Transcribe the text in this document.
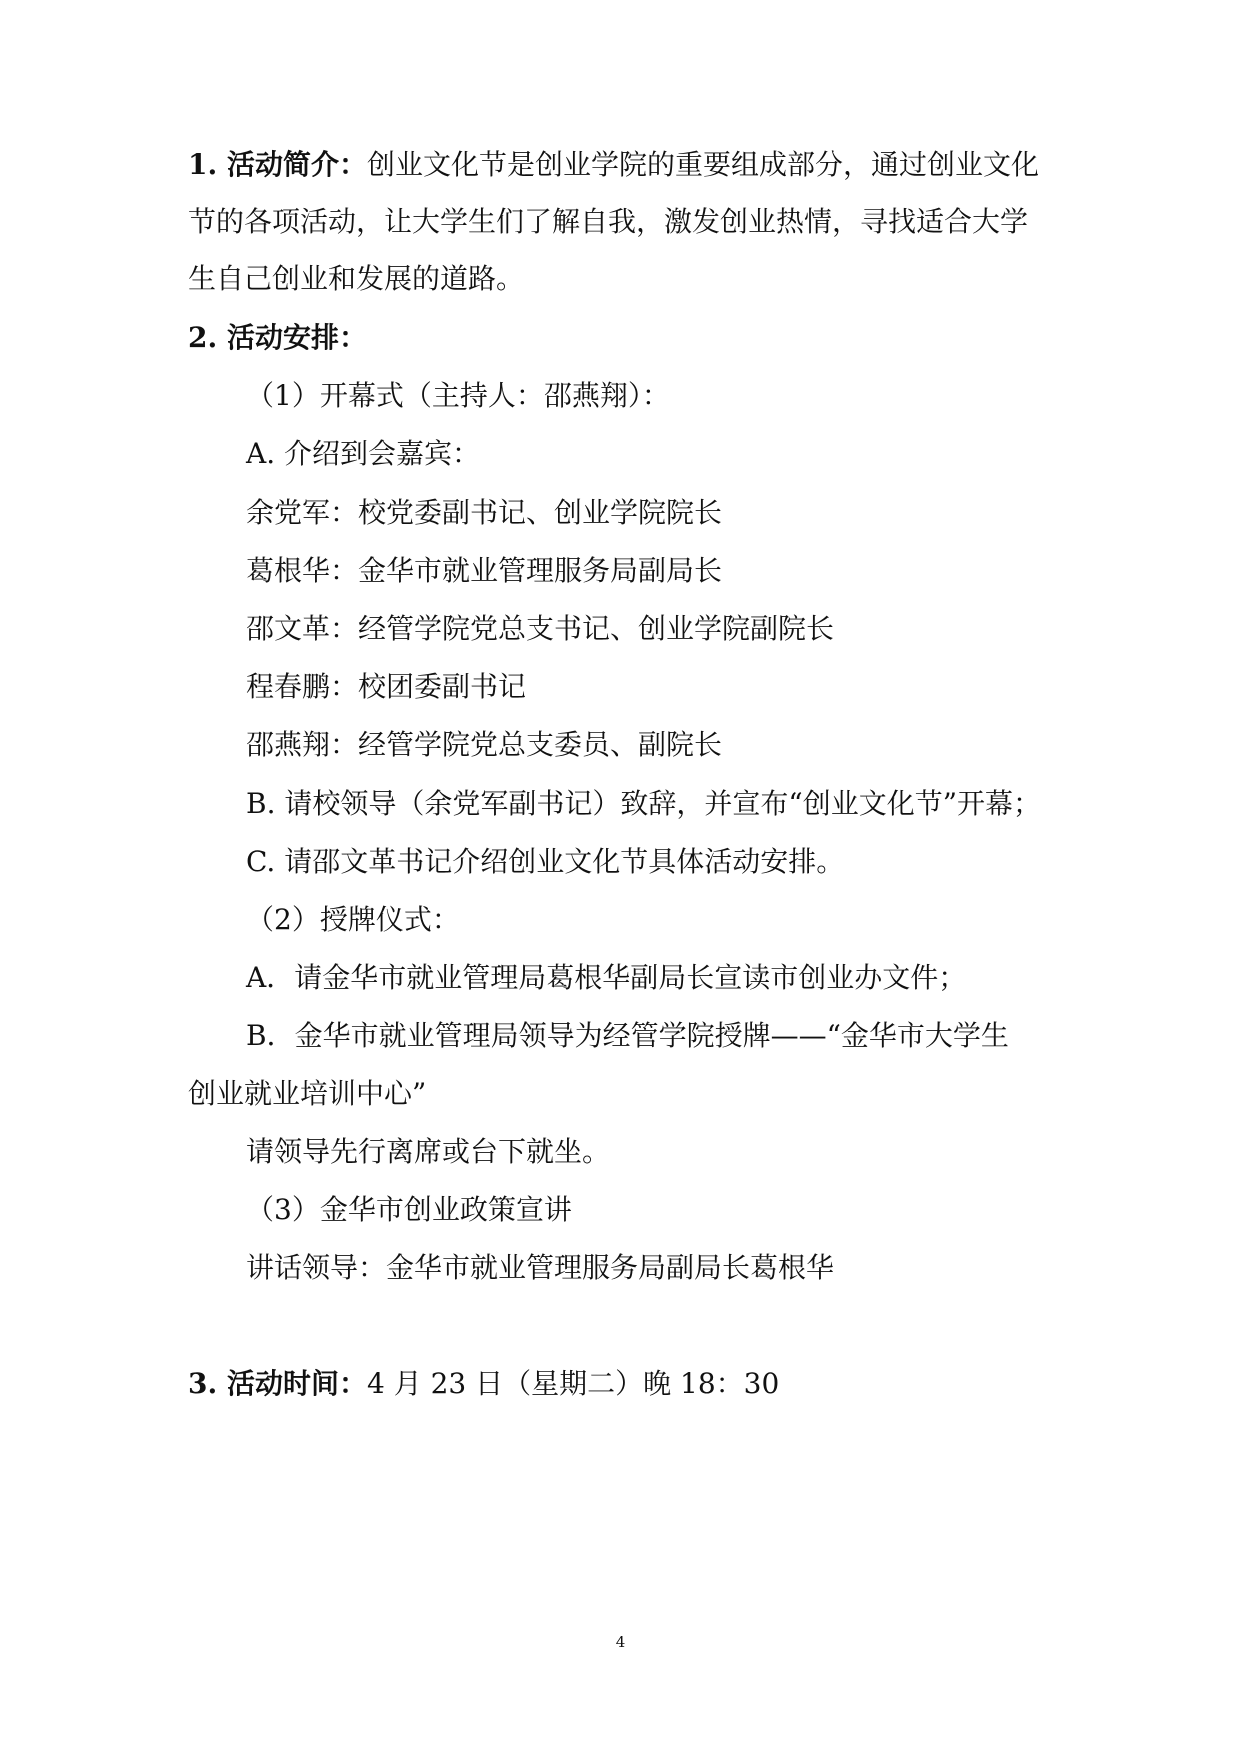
1. 活动简介：创业文化节是创业学院的重要组成部分，通过创业文化
节的各项活动，让大学生们了解自我，激发创业热情，寻找适合大学
生自己创业和发展的道路。
2. 活动安排：
（1）开幕式（主持人：邵燕翔）：
A. 介绍到会嘉宾：
余党军：校党委副书记、创业学院院长
葛根华：金华市就业管理服务局副局长
邵文革：经管学院党总支书记、创业学院副院长
程春鹏：校团委副书记
邵燕翔：经管学院党总支委员、副院长
B. 请校领导（余党军副书记）致辞，并宣布“创业文化节”开幕；
C. 请邵文革书记介绍创业文化节具体活动安排。
（2）授牌仪式：
A．请金华市就业管理局葛根华副局长宣读市创业办文件；
B．金华市就业管理局领导为经管学院授牌——“金华市大学生
创业就业培训中心”
请领导先行离席或台下就坐。
（3）金华市创业政策宣讲
讲话领导：金华市就业管理服务局副局长葛根华
3. 活动时间：4 月 23 日（星期二）晚 18：30
4
